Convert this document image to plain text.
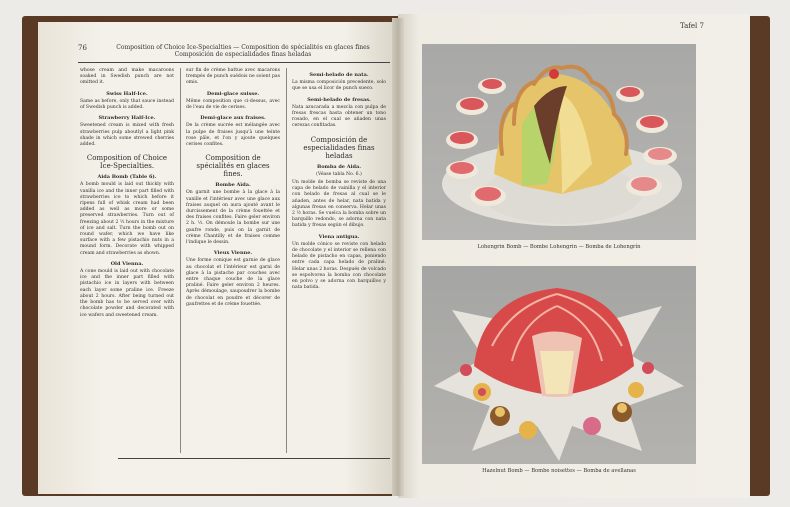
76	Composition of Choice Ice-Specialties — Composition de spécialités en glaces fines
Composición de especialidades finas heladas

whose cream and make macaroons soaked in Swedish punch are not omitted it.

Swiss Half-Ice.

Same as before, only that sauce instead of Swedish punch is added.

Strawberry Half-Ice.

Sweetened cream is mixed with fresh strawberries pulp aboutlyl a light pink shade in which some strewed cherries added.

Composition of Choice Ice-Specialties.
Aida Bomb (Table 6).

A bomb mould is laid out thickly with vanilla ice and the inner part filled with strawberries ice to which before it ripens full of whisk cream had been added as well as more or some preserved strawberries. Turn out of freezing about 2 ½ hours in the mixture of ice and salt. Turn the bomb out on round wafer, which we have like surface with a few pistachio nuts in a mound form. Decorate with whipped cream and strawberries as shown.

Old Vienna.

A cone mould is laid out with chocolate ice and the inner part filled with pistachio ice in layers with between each layer some praline ice. Freeze about 2 hours. After being turned out the bomb has to be served over with chocolate powder and decorated with ice wafers and sweetened cream.

sur fin de crème battue avec macarons trempés de punch suédois ne soient pas omis.

Demi-glace suisse.

Même composition que ci-dessus, avec de l'eau de vie de cerises.

Demi-glace aux fraises.

De la crème sucrée est mélangée avec la pulpe de fraises jusqu'à une teinte rose pâle, et l'on y ajoute quelques cerises confites.

Composition de spécialités en glaces fines.
Bombe Aïda.

On garnit une bombe à la glace à la vanille et l'intérieur avec une glace aux fraises auquel on aura ajouté avant le durcissement de la crème fouettée et des fraises confites. Faire geler environ 2 h. ½. On démoule la bombe sur une gaufre ronde, puis on la garnit de crème Chantilly et de fraises comme l'indique le dessin.

Vieux Vienne.

Une forme conique est garnie de glace au chocolat et l'intérieur est garni de glace à la pistache par couches avec entre chaque couche de la glace praliné. Faire geler environ 2 heures. Après démoulage, saupoudrer la bombe de chocolat en poudre et décorer de gaufrettes et de crème fouettée.

Semi-helado de nata.

La misma composición precedente, solo que se usa el licor de punch sueco.

Semi-helado de fresas.

Nata azucarada a mezcla con pulpa de fresas frescas hasta obtener un tono rosado, en el cual se añaden unas cerezas confitadas.

Composición de especialidades finas heladas
Bomba de Aida.
(Véase tabla No. 6.)

Un molde de bomba se reviste de una capa de helado de vainilla y el interior con helado de fresas al cual se le añaden, antes de helar, nata batida y algunas fresas en conserva. Helar unas 2 ½ horas. Se vuelca la bomba sobre un barquillo redondo, se adorna con nata batida y fresas según el dibujo.

Viena antigua.

Un molde cónico se reviste con helado de chocolate y el interior se rellena con helado de pistacho en capas, poniendo entre cada capa helado de praliné. Helar unas 2 horas. Después de volcado se espolvorea la bomba con chocolate en polvo y se adorna con barquillos y nata batida.

Tafel 7
Lohengrin Bomb — Bombe Lohengrin — Bomba de Lohengrín
Hazelnut Bomb — Bombe noisettes — Bomba de avellanas
